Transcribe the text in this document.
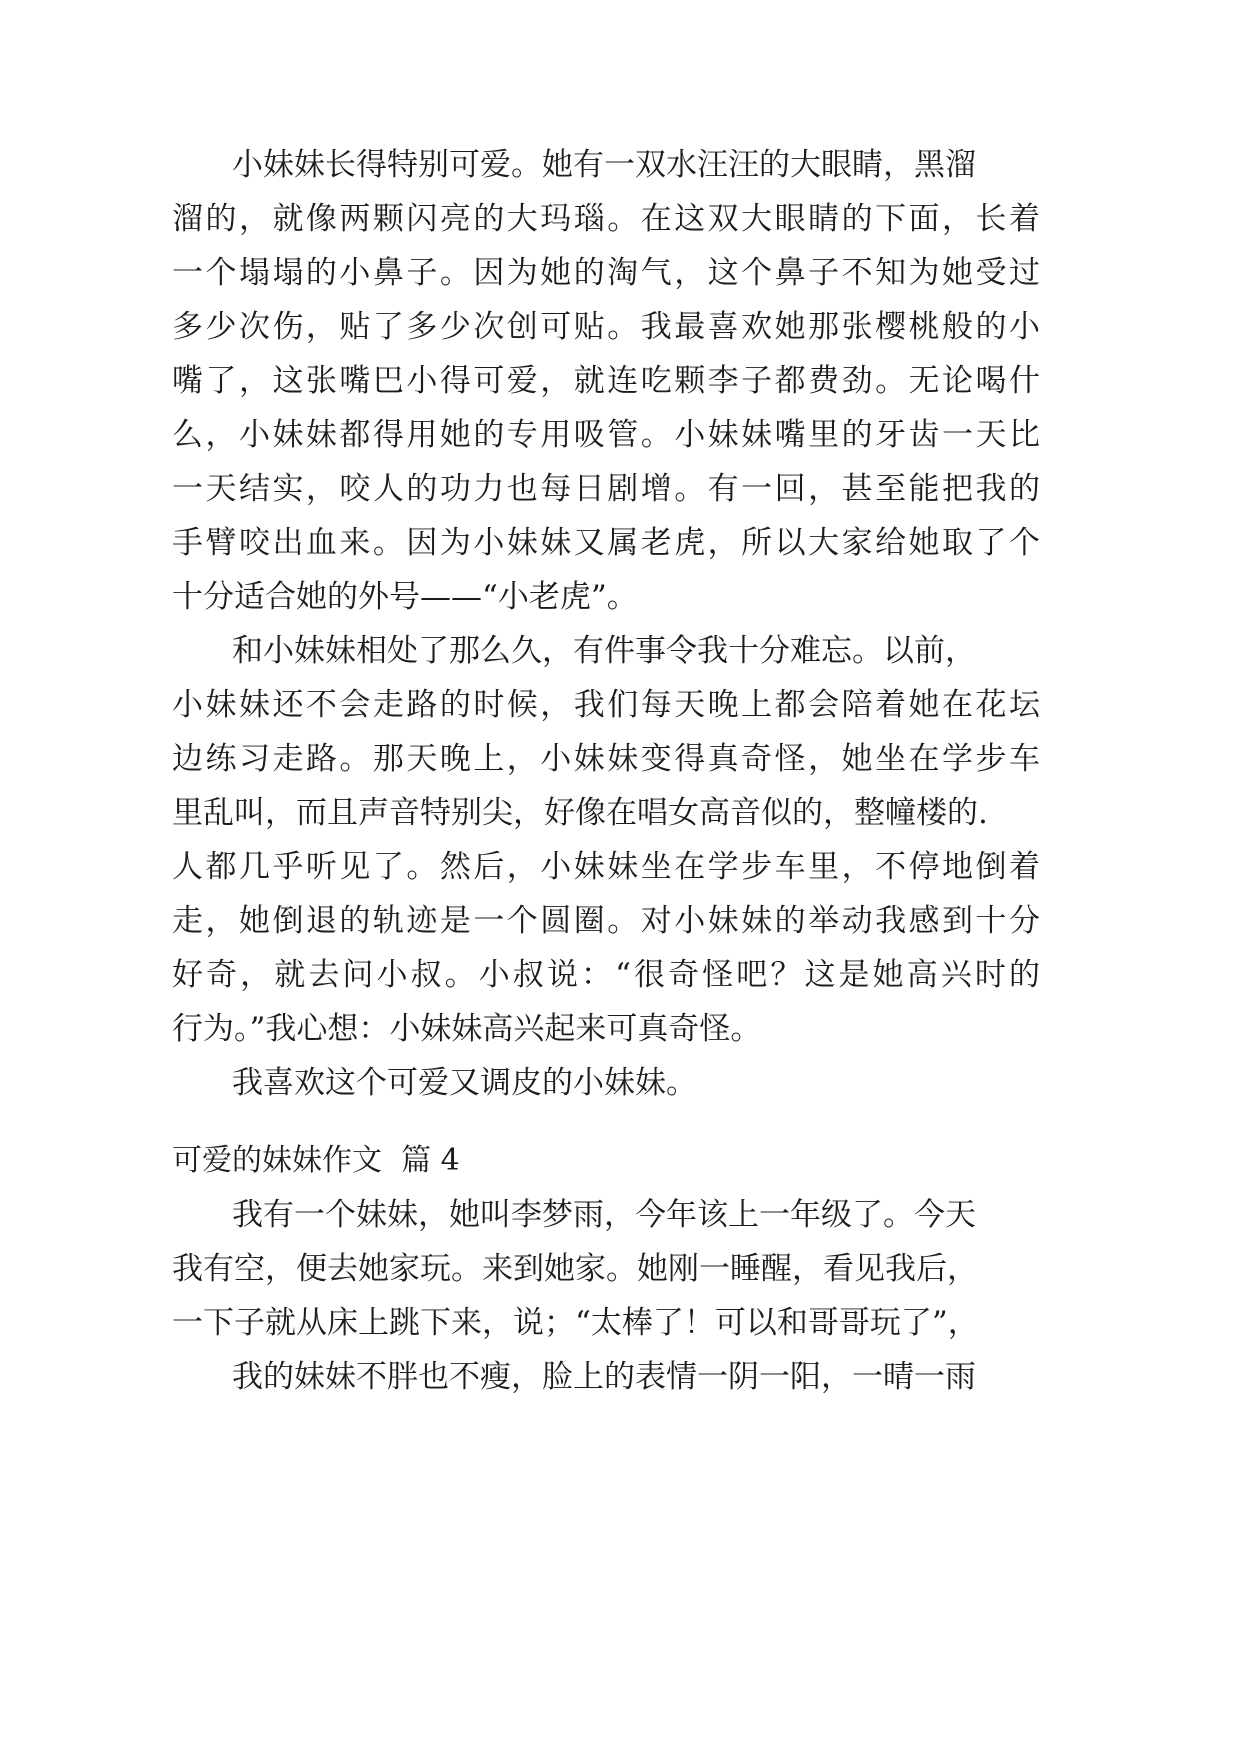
小妹妹长得特别可爱。她有一双水汪汪的大眼睛，黑溜

溜的，就像两颗闪亮的大玛瑙。在这双大眼睛的下面，长着

一个塌塌的小鼻子。因为她的淘气，这个鼻子不知为她受过

多少次伤，贴了多少次创可贴。我最喜欢她那张樱桃般的小

嘴了，这张嘴巴小得可爱，就连吃颗李子都费劲。无论喝什

么，小妹妹都得用她的专用吸管。小妹妹嘴里的牙齿一天比

一天结实，咬人的功力也每日剧增。有一回，甚至能把我的

手臂咬出血来。因为小妹妹又属老虎，所以大家给她取了个

十分适合她的外号——“小老虎”。

和小妹妹相处了那么久，有件事令我十分难忘。以前，

小妹妹还不会走路的时候，我们每天晚上都会陪着她在花坛

边练习走路。那天晚上，小妹妹变得真奇怪，她坐在学步车

里乱叫，而且声音特别尖，好像在唱女高音似的，整幢楼的.

人都几乎听见了。然后，小妹妹坐在学步车里，不停地倒着

走，她倒退的轨迹是一个圆圈。对小妹妹的举动我感到十分

好奇，就去问小叔。小叔说：“很奇怪吧？这是她高兴时的

行为。”我心想：小妹妹高兴起来可真奇怪。

我喜欢这个可爱又调皮的小妹妹。

可爱的妹妹作文  篇 4

我有一个妹妹，她叫李梦雨，今年该上一年级了。今天

我有空，便去她家玩。来到她家。她刚一睡醒，看见我后，

一下子就从床上跳下来，说；“太棒了！可以和哥哥玩了”，

我的妹妹不胖也不瘦，脸上的表情一阴一阳，一晴一雨
